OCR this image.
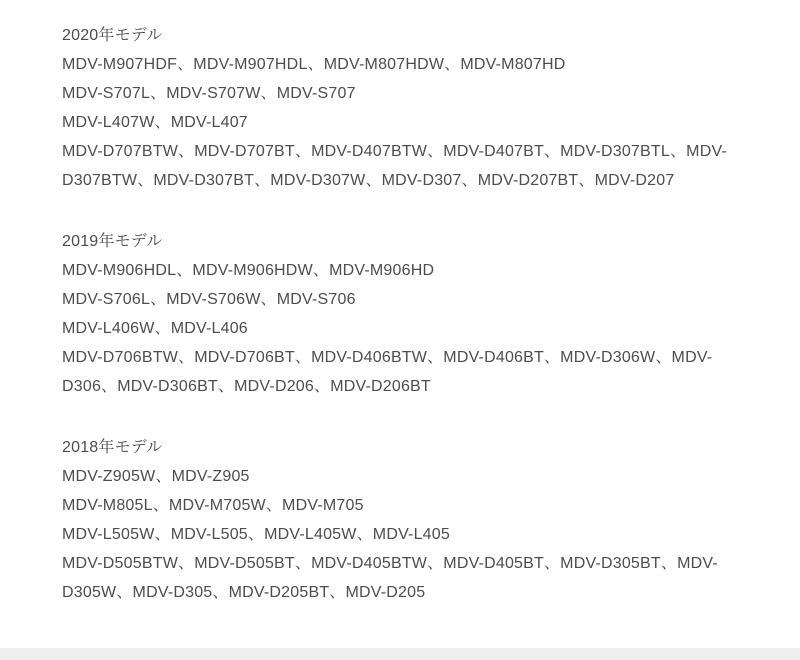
2020年モデル
MDV-M907HDF、MDV-M907HDL、MDV-M807HDW、MDV-M807HD
MDV-S707L、MDV-S707W、MDV-S707
MDV-L407W、MDV-L407
MDV-D707BTW、MDV-D707BT、MDV-D407BTW、MDV-D407BT、MDV-D307BTL、MDV-
D307BTW、MDV-D307BT、MDV-D307W、MDV-D307、MDV-D207BT、MDV-D207
2019年モデル
MDV-M906HDL、MDV-M906HDW、MDV-M906HD
MDV-S706L、MDV-S706W、MDV-S706
MDV-L406W、MDV-L406
MDV-D706BTW、MDV-D706BT、MDV-D406BTW、MDV-D406BT、MDV-D306W、MDV-
D306、MDV-D306BT、MDV-D206、MDV-D206BT
2018年モデル
MDV-Z905W、MDV-Z905
MDV-M805L、MDV-M705W、MDV-M705
MDV-L505W、MDV-L505、MDV-L405W、MDV-L405
MDV-D505BTW、MDV-D505BT、MDV-D405BTW、MDV-D405BT、MDV-D305BT、MDV-
D305W、MDV-D305、MDV-D205BT、MDV-D205
